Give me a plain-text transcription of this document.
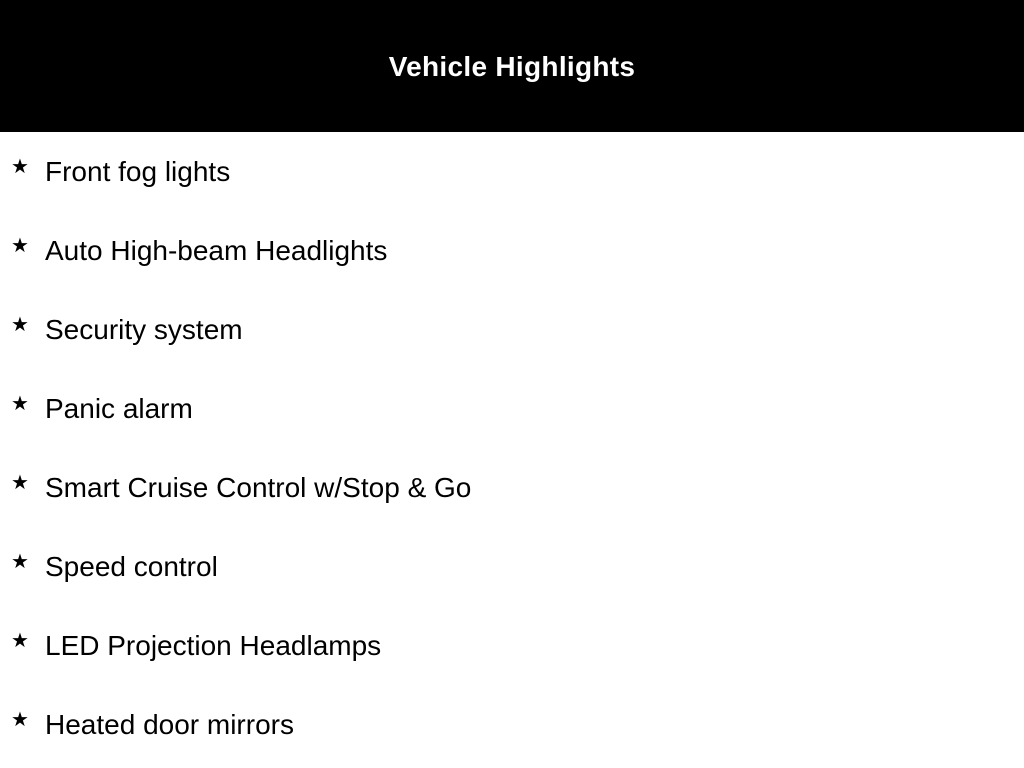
Vehicle Highlights
★ Front fog lights
★ Auto High-beam Headlights
★ Security system
★ Panic alarm
★ Smart Cruise Control w/Stop & Go
★ Speed control
★ LED Projection Headlamps
★ Heated door mirrors
